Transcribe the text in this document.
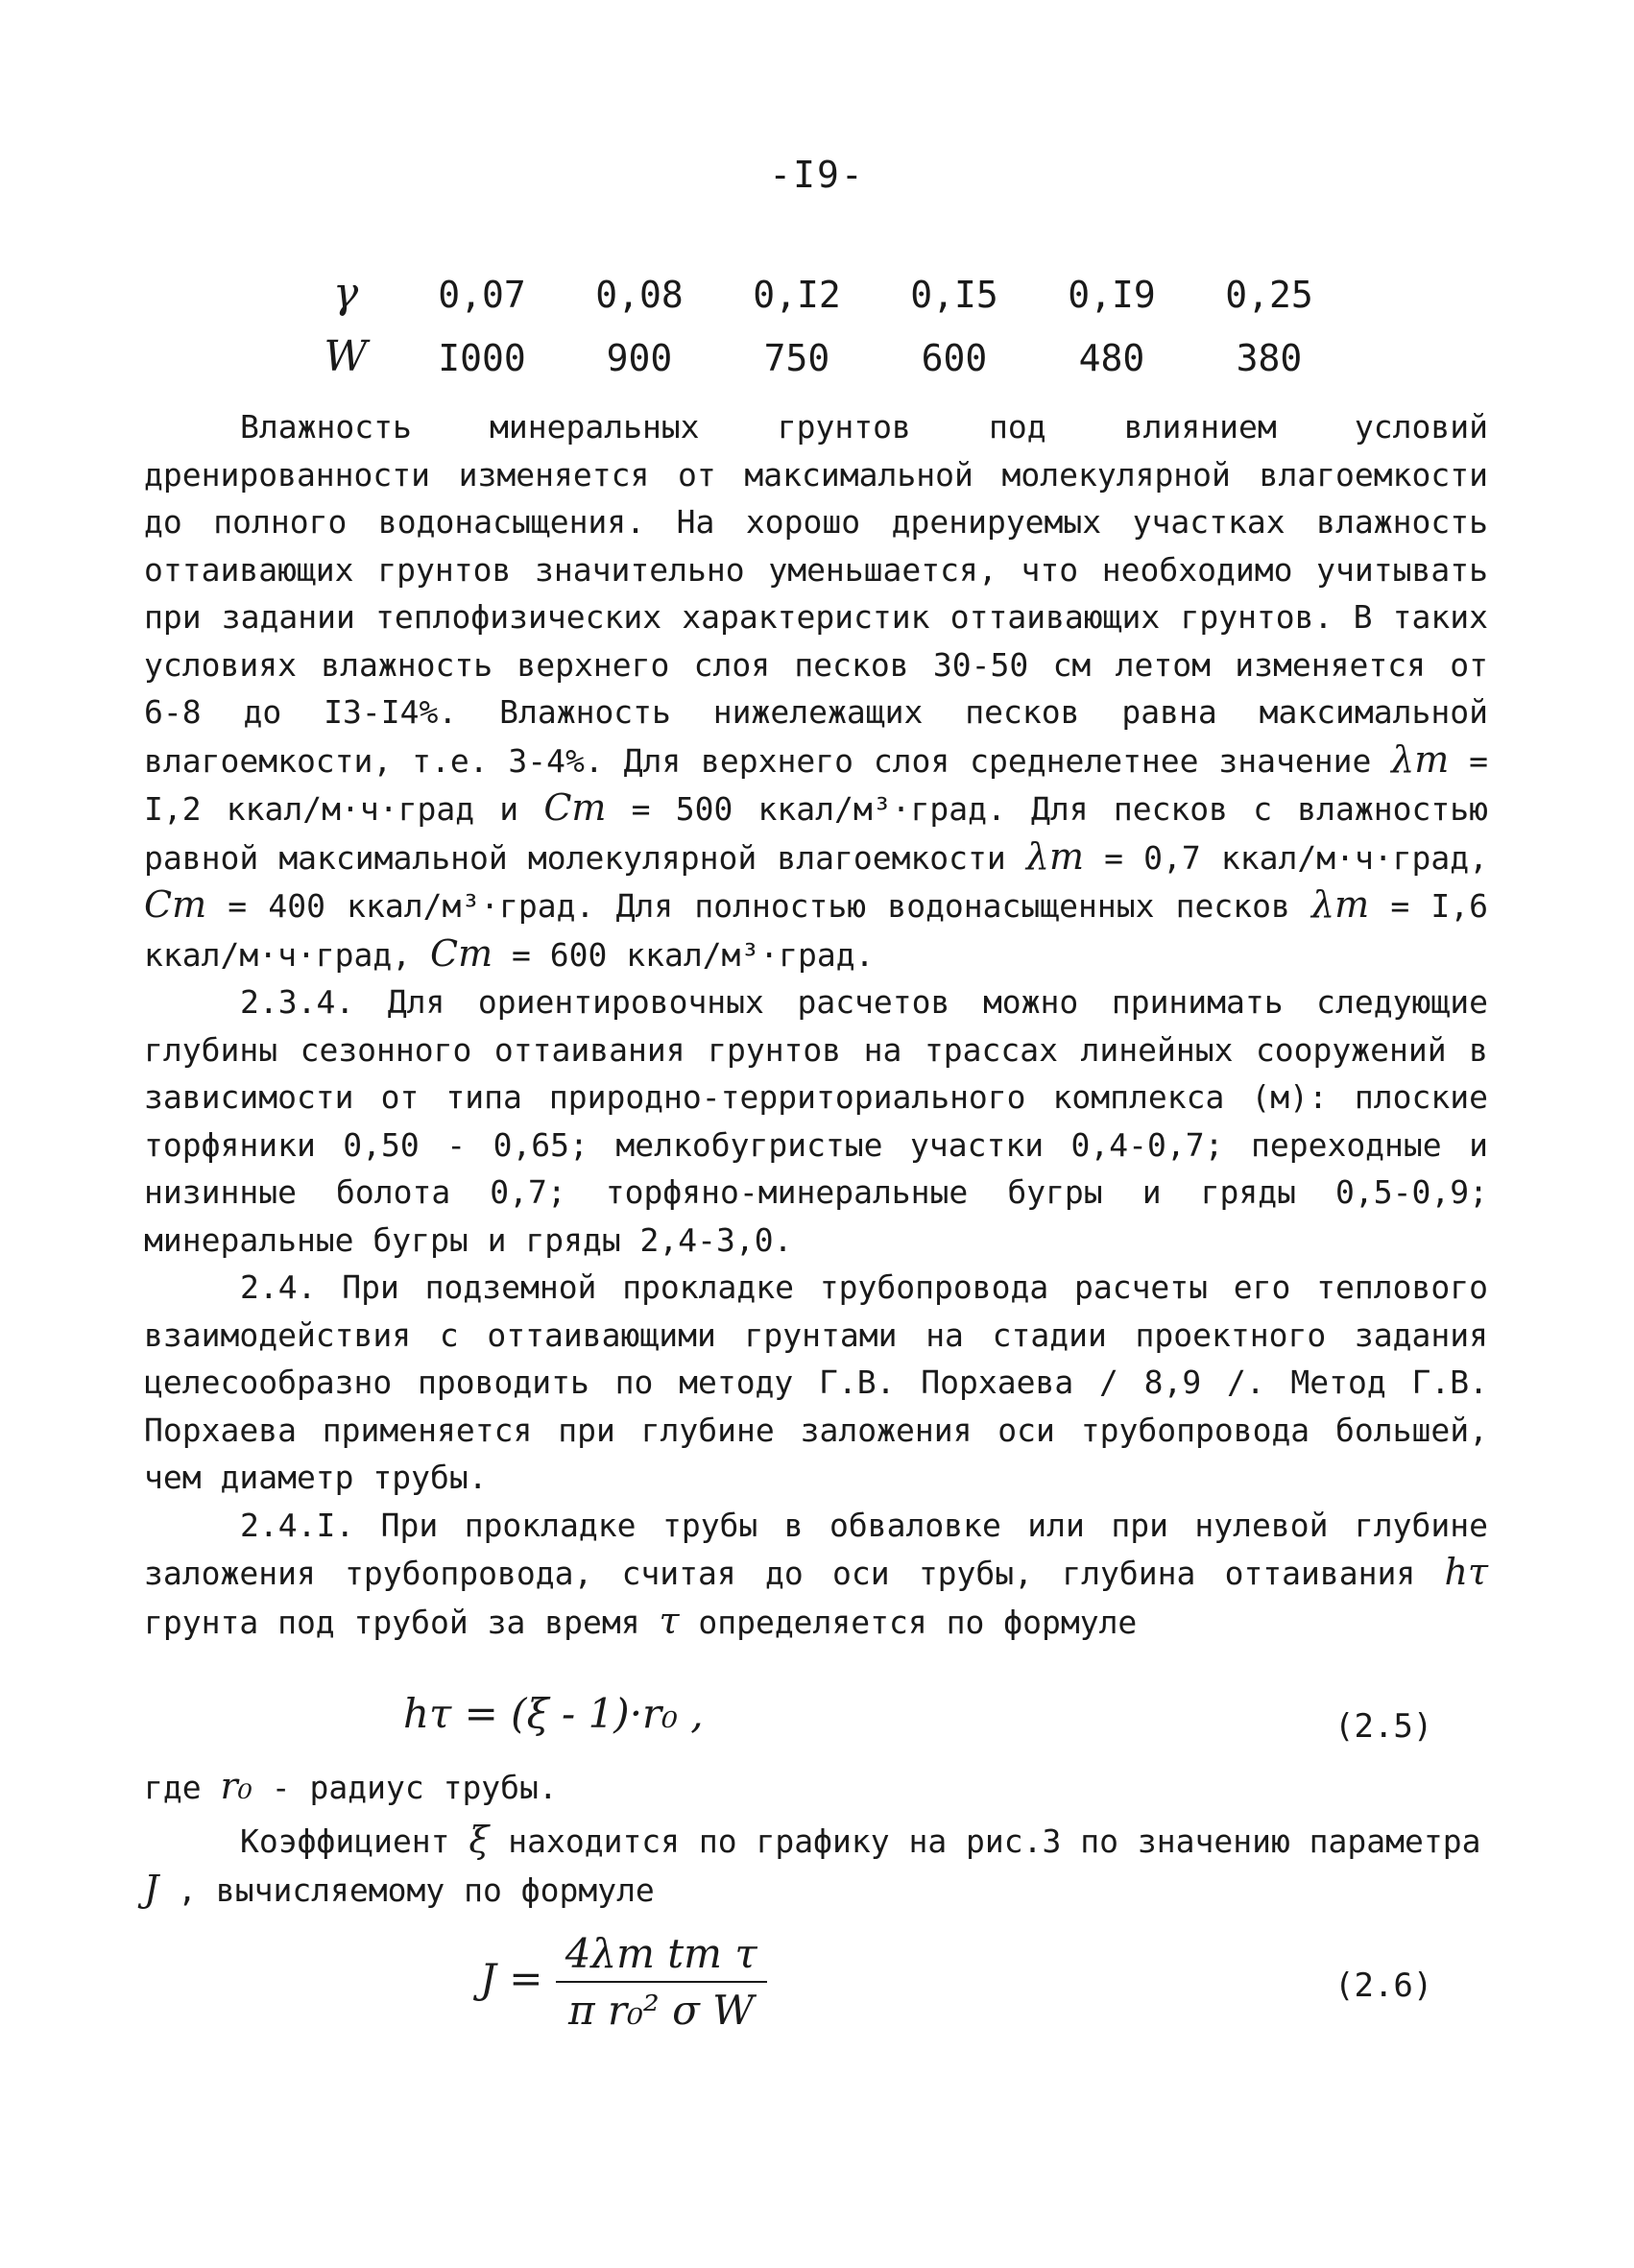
-I9-
γ	0,07	0,08	0,I2	0,I5	0,I9	0,25
W	I000	900	750	600	480	380

Влажность минеральных грунтов под влиянием условий дренированности изменяется от максимальной молекулярной влагоемкости до полного водонасыщения. На хорошо дренируемых участках влажность оттаивающих грунтов значительно уменьшается, что необходимо учитывать при задании теплофизических характеристик оттаивающих грунтов. В таких условиях влажность верхнего слоя песков 30-50 см летом изменяется от 6-8 до I3-I4%. Влажность нижележащих песков равна максимальной влагоемкости, т.е. 3-4%. Для верхнего слоя среднелетнее значение λт = I,2 ккал/м·ч·град и Cт = 500 ккал/м³·град. Для песков с влажностью равной максимальной молекулярной влагоемкости λт = 0,7 ккал/м·ч·град, Cт = 400 ккал/м³·град. Для полностью водонасыщенных песков λт = I,6 ккал/м·ч·град, Cт = 600 ккал/м³·град.

2.3.4. Для ориентировочных расчетов можно принимать следующие глубины сезонного оттаивания грунтов на трассах линейных сооружений в зависимости от типа природно-территориального комплекса (м): плоские торфяники 0,50 - 0,65; мелкобугристые участки 0,4-0,7; переходные и низинные болота 0,7; торфяно-минеральные бугры и гряды 0,5-0,9; минеральные бугры и гряды 2,4-3,0.

2.4. При подземной прокладке трубопровода расчеты его теплового взаимодействия с оттаивающими грунтами на стадии проектного задания целесообразно проводить по методу Г.В. Порхаева / 8,9 /. Метод Г.В. Порхаева применяется при глубине заложения оси трубопровода большей, чем диаметр трубы.

2.4.I. При прокладке трубы в обваловке или при нулевой глубине заложения трубопровода, считая до оси трубы, глубина оттаивания hτ грунта под трубой за время τ определяется по формуле

hτ = (ξ - 1)·r₀ ,	(2.5)
где r₀ - радиус трубы.
Коэффициент ξ находится по графику на рис.3 по значению параметра J , вычисляемому по формуле
$J = \frac{\text{4λт tт τ}}{\text{π r₀² σ W}}$	(2.6)
